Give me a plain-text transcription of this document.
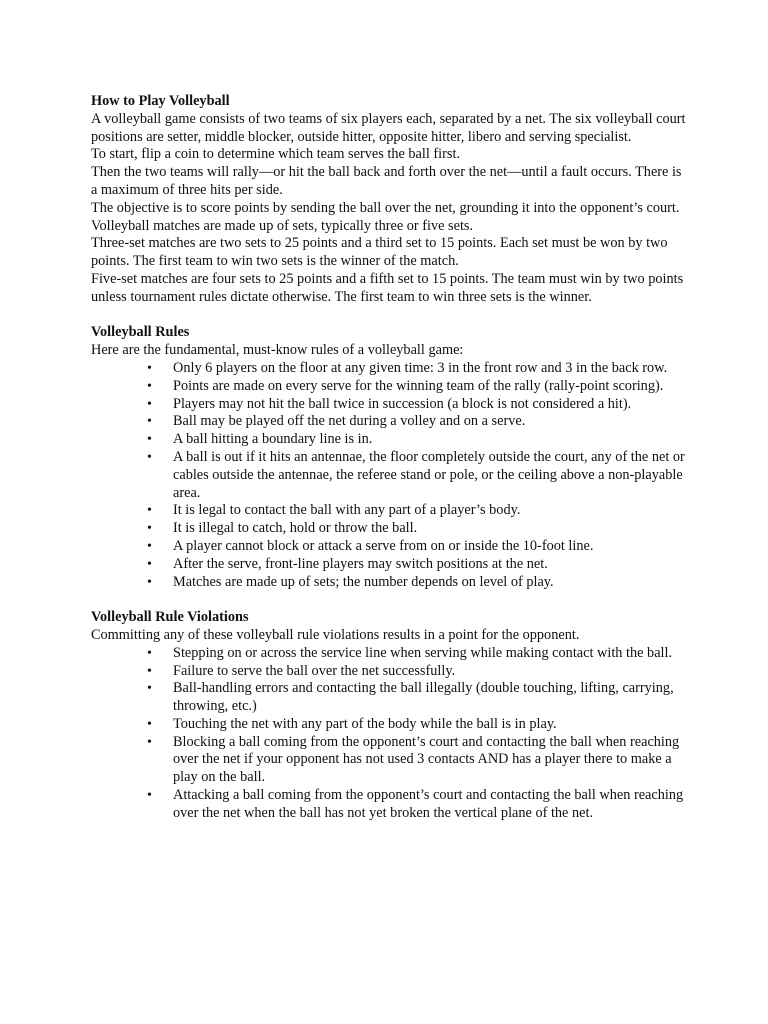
How to Play Volleyball

A volleyball game consists of two teams of six players each, separated by a net. The six volleyball court positions are setter, middle blocker, outside hitter, opposite hitter, libero and serving specialist.

To start, flip a coin to determine which team serves the ball first.

Then the two teams will rally—or hit the ball back and forth over the net—until a fault occurs. There is a maximum of three hits per side.

The objective is to score points by sending the ball over the net, grounding it into the opponent’s court.

Volleyball matches are made up of sets, typically three or five sets.

Three-set matches are two sets to 25 points and a third set to 15 points. Each set must be won by two points. The first team to win two sets is the winner of the match.

Five-set matches are four sets to 25 points and a fifth set to 15 points. The team must win by two points unless tournament rules dictate otherwise. The first team to win three sets is the winner.

Volleyball Rules

Here are the fundamental, must-know rules of a volleyball game:

• Only 6 players on the floor at any given time: 3 in the front row and 3 in the back row.
• Points are made on every serve for the winning team of the rally (rally-point scoring).
• Players may not hit the ball twice in succession (a block is not considered a hit).
• Ball may be played off the net during a volley and on a serve.
• A ball hitting a boundary line is in.
• A ball is out if it hits an antennae, the floor completely outside the court, any of the net or cables outside the antennae, the referee stand or pole, or the ceiling above a non-playable area.
• It is legal to contact the ball with any part of a player’s body.
• It is illegal to catch, hold or throw the ball.
• A player cannot block or attack a serve from on or inside the 10-foot line.
• After the serve, front-line players may switch positions at the net.
• Matches are made up of sets; the number depends on level of play.

Volleyball Rule Violations

Committing any of these volleyball rule violations results in a point for the opponent.

• Stepping on or across the service line when serving while making contact with the ball.
• Failure to serve the ball over the net successfully.
• Ball-handling errors and contacting the ball illegally (double touching, lifting, carrying, throwing, etc.)
• Touching the net with any part of the body while the ball is in play.
• Blocking a ball coming from the opponent’s court and contacting the ball when reaching over the net if your opponent has not used 3 contacts AND has a player there to make a play on the ball.
• Attacking a ball coming from the opponent’s court and contacting the ball when reaching over the net when the ball has not yet broken the vertical plane of the net.
